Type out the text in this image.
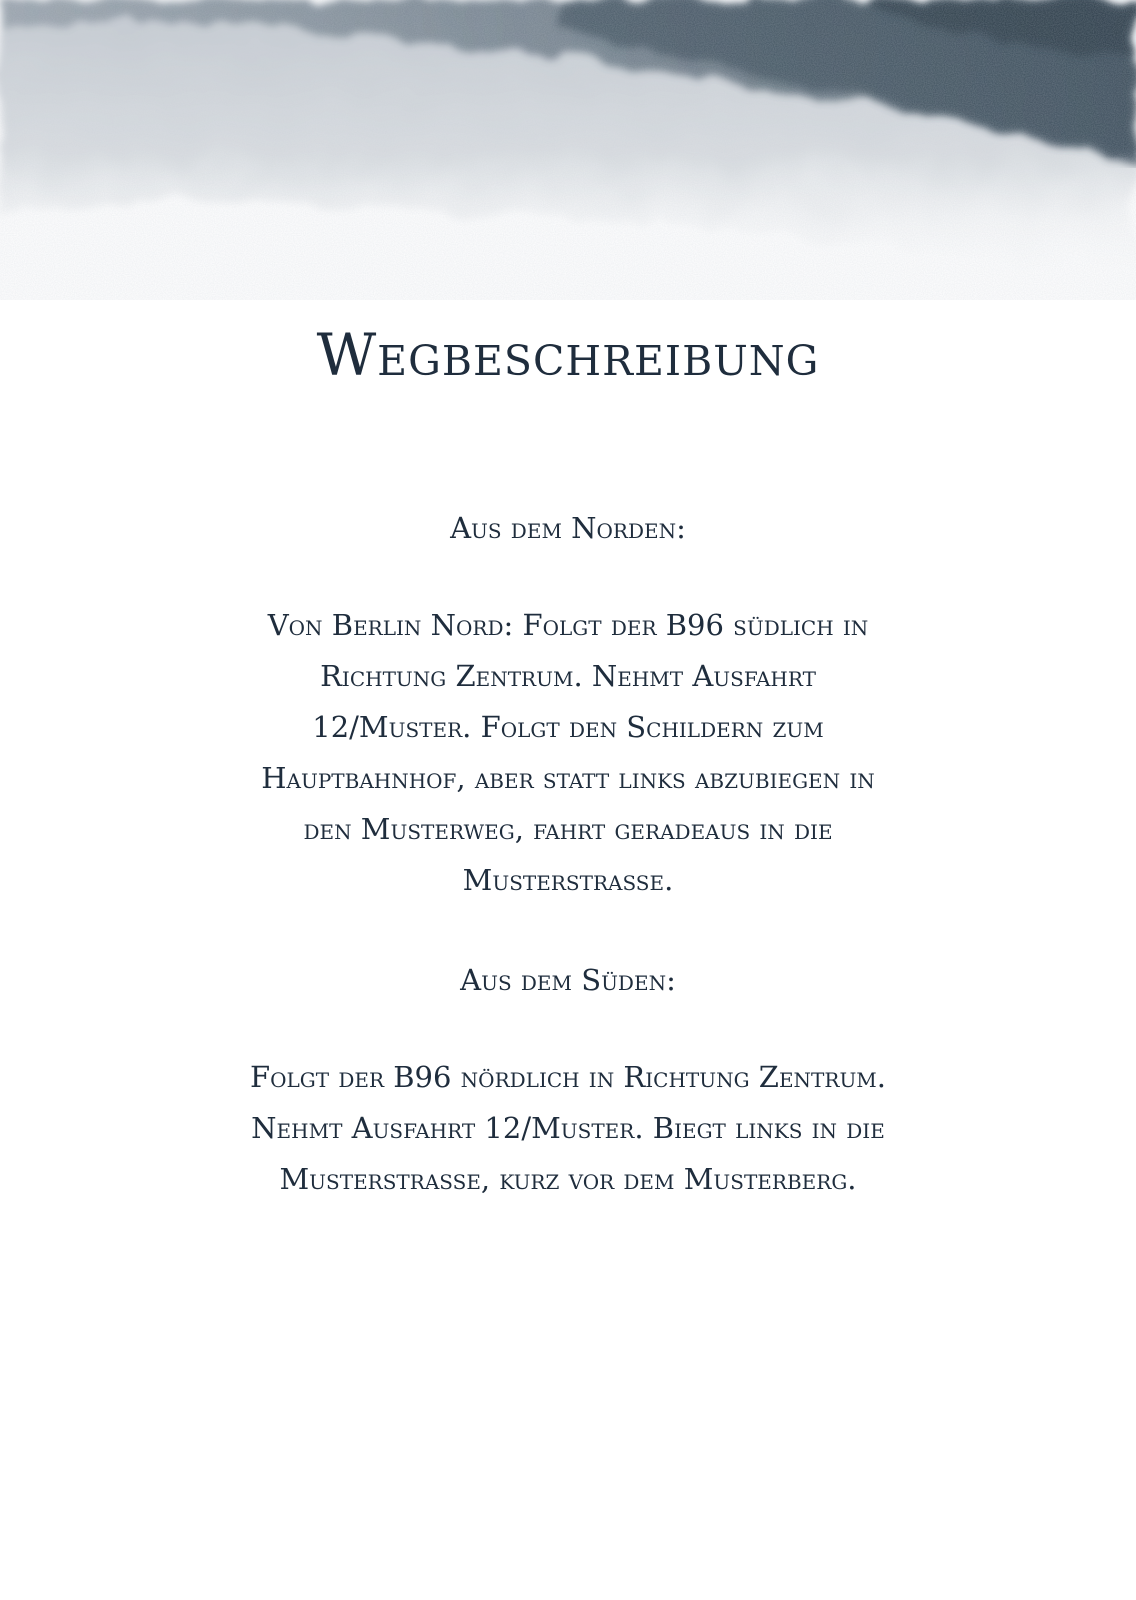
Wegbeschreibung
Aus dem Norden:
Von Berlin Nord: Folgt der B96 südlich in
Richtung Zentrum. Nehmt Ausfahrt
12/Muster. Folgt den Schildern zum
Hauptbahnhof, aber statt links abzubiegen in
den Musterweg, fahrt geradeaus in die
Musterstraße.
Aus dem Süden:
Folgt der B96 nördlich in Richtung Zentrum.
Nehmt Ausfahrt 12/Muster. Biegt links in die
Musterstraße, kurz vor dem Musterberg.
